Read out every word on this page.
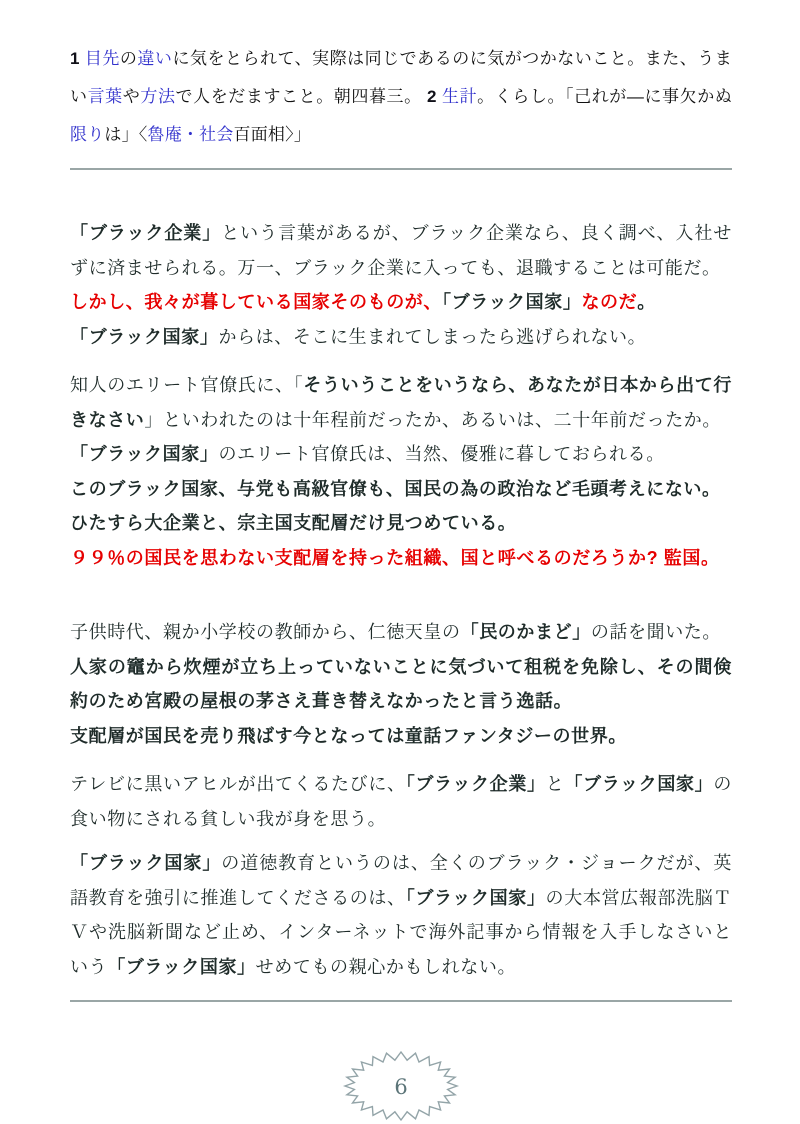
1 目先の違いに気をとられて、実際は同じであるのに気がつかないこと。また、うまい言葉や方法で人をだますこと。朝四暮三。 2 生計。くらし。「己れが―に事欠かぬ限りは」〈魯庵・社会百面相〉」

「ブラック企業」という言葉があるが、ブラック企業なら、良く調べ、入社せずに済ませられる。万一、ブラック企業に入っても、退職することは可能だ。

しかし、我々が暮している国家そのものが、「ブラック国家」なのだ。

「ブラック国家」からは、そこに生まれてしまったら逃げられない。

知人のエリート官僚氏に、「そういうことをいうなら、あなたが日本から出て行きなさい」といわれたのは十年程前だったか、あるいは、二十年前だったか。

「ブラック国家」のエリート官僚氏は、当然、優雅に暮しておられる。

このブラック国家、与党も高級官僚も、国民の為の政治など毛頭考えにない。

ひたすら大企業と、宗主国支配層だけ見つめている。

９９％の国民を思わない支配層を持った組織、国と呼べるのだろうか? 監国。

子供時代、親か小学校の教師から、仁徳天皇の「民のかまど」の話を聞いた。

人家の竈から炊煙が立ち上っていないことに気づいて租税を免除し、その間倹約のため宮殿の屋根の茅さえ葺き替えなかったと言う逸話。

支配層が国民を売り飛ばす今となっては童話ファンタジーの世界。

テレビに黒いアヒルが出てくるたびに、「ブラック企業」と「ブラック国家」の食い物にされる貧しい我が身を思う。

「ブラック国家」の道徳教育というのは、全くのブラック・ジョークだが、英語教育を強引に推進してくださるのは、「ブラック国家」の大本営広報部洗脳ＴＶや洗脳新聞など止め、インターネットで海外記事から情報を入手しなさいという「ブラック国家」せめてもの親心かもしれない。

6
